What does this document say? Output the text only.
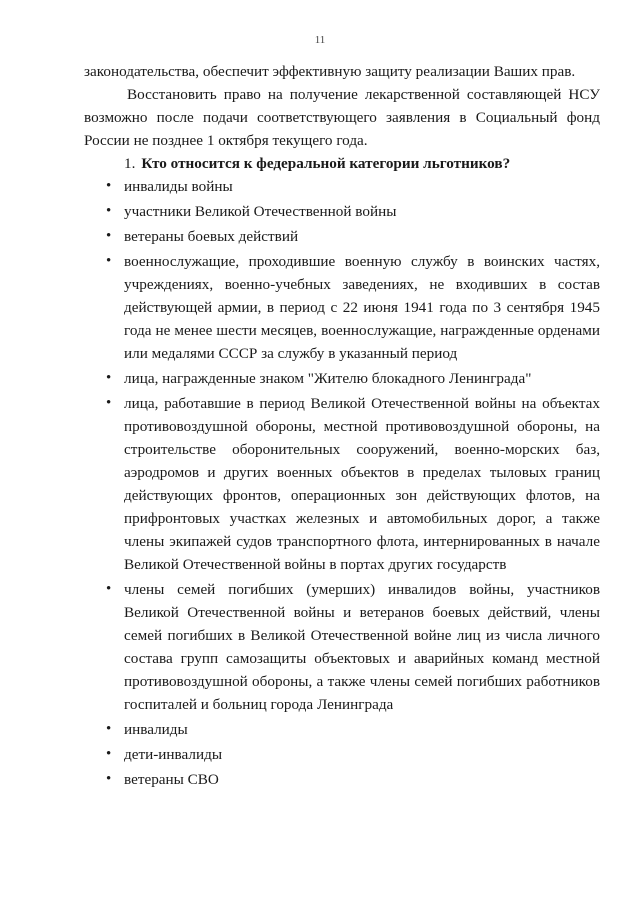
11

законодательства, обеспечит эффективную защиту реализации Ваших прав.

Восстановить право на получение лекарственной составляющей НСУ возможно после подачи соответствующего заявления в Социальный фонд России не позднее 1 октября текущего года.

1. Кто относится к федеральной категории льготников?

• инвалиды войны
• участники Великой Отечественной войны
• ветераны боевых действий
• военнослужащие, проходившие военную службу в воинских частях, учреждениях, военно-учебных заведениях, не входивших в состав действующей армии, в период с 22 июня 1941 года по 3 сентября 1945 года не менее шести месяцев, военнослужащие, награжденные орденами или медалями СССР за службу в указанный период
• лица, награжденные знаком "Жителю блокадного Ленинграда"
• лица, работавшие в период Великой Отечественной войны на объектах противовоздушной обороны, местной противовоздушной обороны, на строительстве оборонительных сооружений, военно-морских баз, аэродромов и других военных объектов в пределах тыловых границ действующих фронтов, операционных зон действующих флотов, на прифронтовых участках железных и автомобильных дорог, а также члены экипажей судов транспортного флота, интернированных в начале Великой Отечественной войны в портах других государств
• члены семей погибших (умерших) инвалидов войны, участников Великой Отечественной войны и ветеранов боевых действий, члены семей погибших в Великой Отечественной войне лиц из числа личного состава групп самозащиты объектовых и аварийных команд местной противовоздушной обороны, а также члены семей погибших работников госпиталей и больниц города Ленинграда
• инвалиды
• дети-инвалиды
• ветераны СВО
